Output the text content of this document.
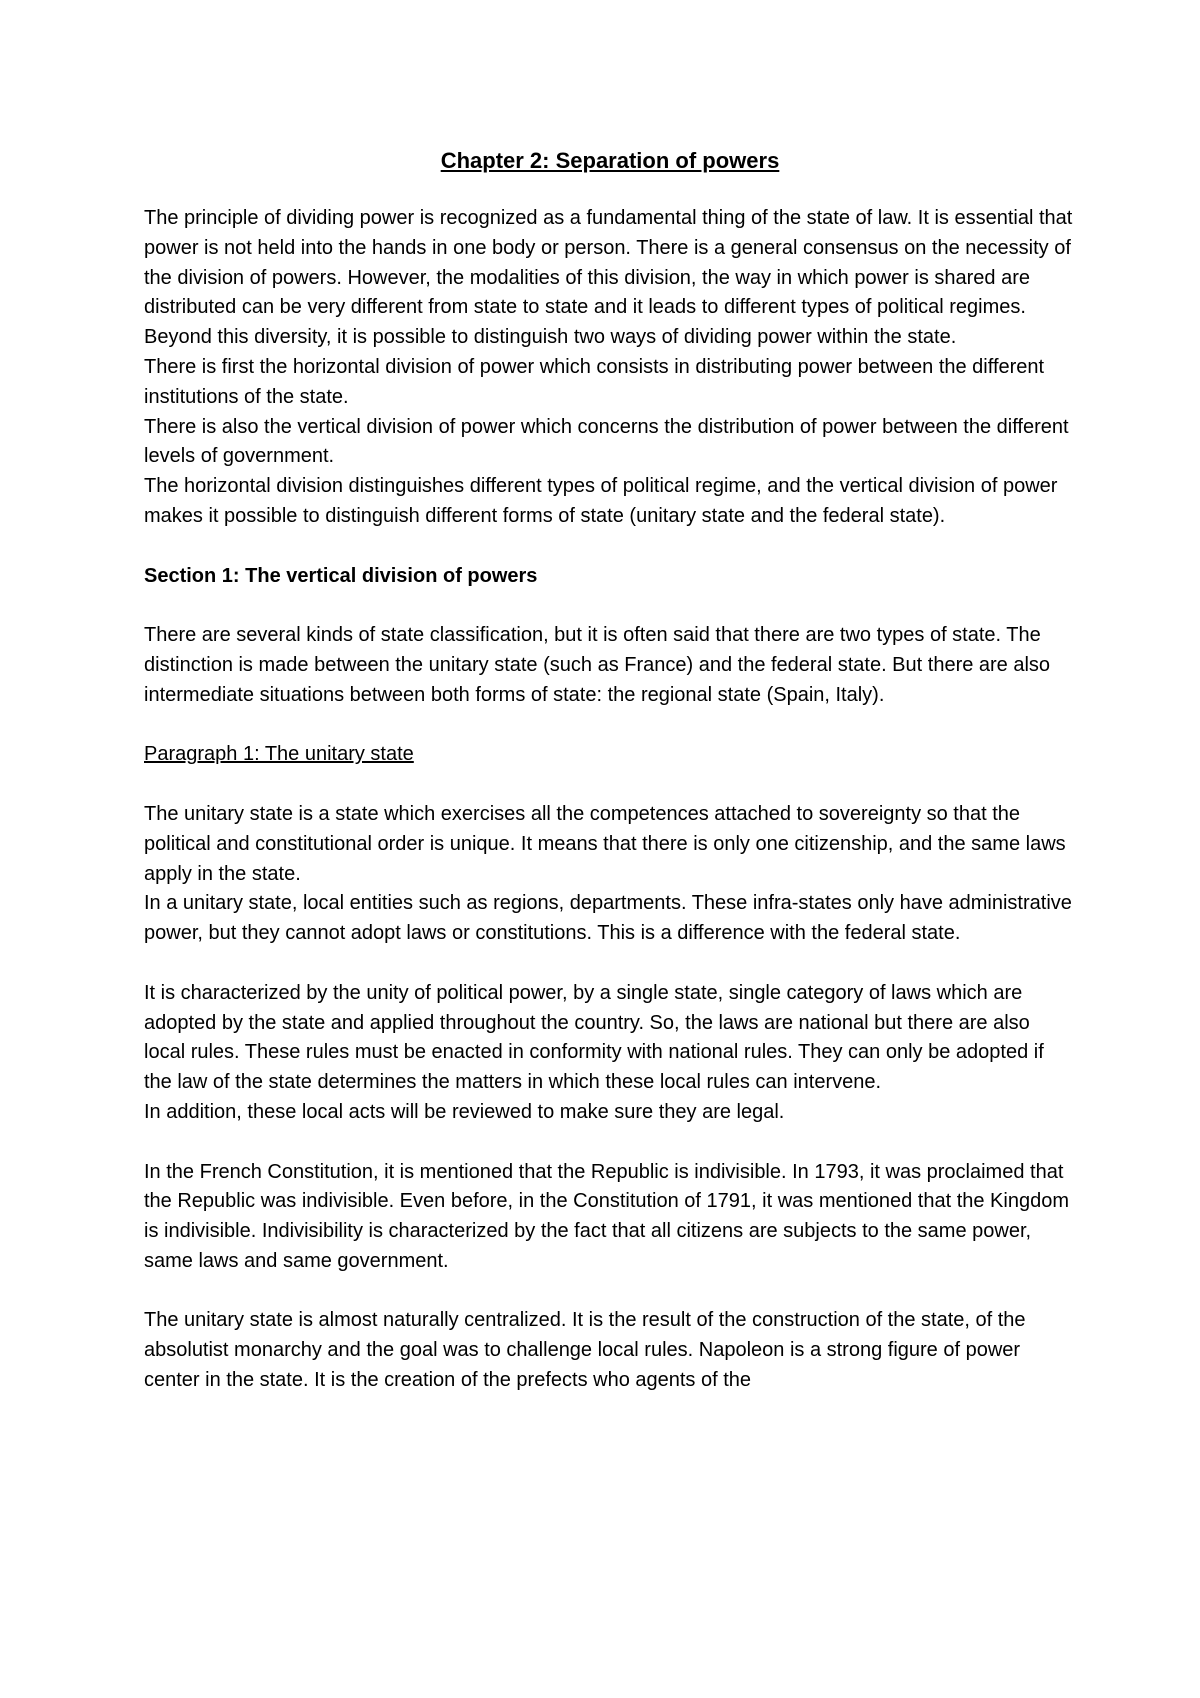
Chapter 2: Separation of powers

The principle of dividing power is recognized as a fundamental thing of the state of law. It is essential that power is not held into the hands in one body or person. There is a general consensus on the necessity of the division of powers. However, the modalities of this division, the way in which power is shared are distributed can be very different from state to state and it leads to different types of political regimes. Beyond this diversity, it is possible to distinguish two ways of dividing power within the state.

There is first the horizontal division of power which consists in distributing power between the different institutions of the state.

There is also the vertical division of power which concerns the distribution of power between the different levels of government.

The horizontal division distinguishes different types of political regime, and the vertical division of power makes it possible to distinguish different forms of state (unitary state and the federal state).

Section 1: The vertical division of powers

There are several kinds of state classification, but it is often said that there are two types of state. The distinction is made between the unitary state (such as France) and the federal state. But there are also intermediate situations between both forms of state: the regional state (Spain, Italy).

Paragraph 1: The unitary state

The unitary state is a state which exercises all the competences attached to sovereignty so that the political and constitutional order is unique. It means that there is only one citizenship, and the same laws apply in the state.

In a unitary state, local entities such as regions, departments. These infra-states only have administrative power, but they cannot adopt laws or constitutions. This is a difference with the federal state.

It is characterized by the unity of political power, by a single state, single category of laws which are adopted by the state and applied throughout the country. So, the laws are national but there are also local rules. These rules must be enacted in conformity with national rules. They can only be adopted if the law of the state determines the matters in which these local rules can intervene.

In addition, these local acts will be reviewed to make sure they are legal.

In the French Constitution, it is mentioned that the Republic is indivisible. In 1793, it was proclaimed that the Republic was indivisible. Even before, in the Constitution of 1791, it was mentioned that the Kingdom is indivisible. Indivisibility is characterized by the fact that all citizens are subjects to the same power, same laws and same government.

The unitary state is almost naturally centralized. It is the result of the construction of the state, of the absolutist monarchy and the goal was to challenge local rules. Napoleon is a strong figure of power center in the state. It is the creation of the prefects who agents of the
